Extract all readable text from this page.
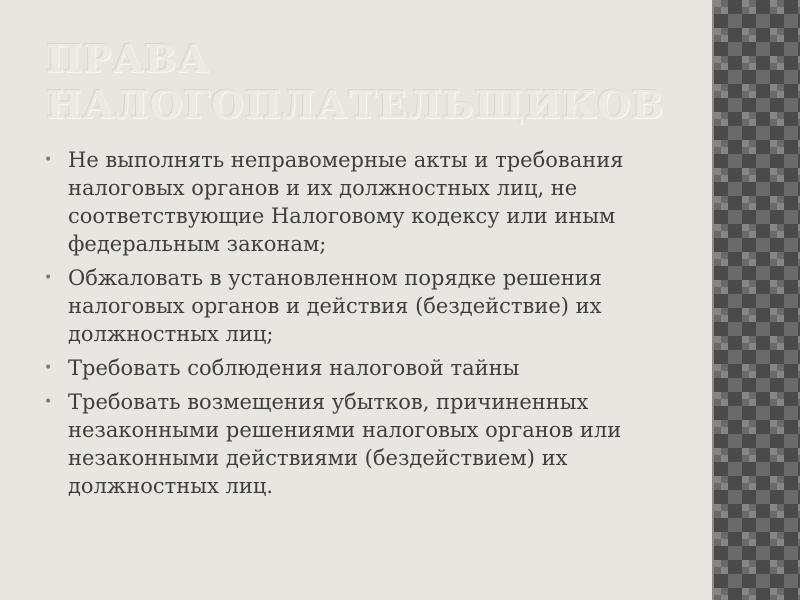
ПРАВА НАЛОГОПЛАТЕЛЬЩИКОВ
• Не выполнять неправомерные акты и требования налоговых органов и их должностных лиц, не соответствующие Налоговому кодексу или иным федеральным законам;
• Обжаловать в установленном порядке решения налоговых органов и действия (бездействие) их должностных лиц;
• Требовать соблюдения налоговой тайны
• Требовать возмещения убытков, причиненных незаконными решениями налоговых органов или незаконными действиями (бездействием) их должностных лиц.
